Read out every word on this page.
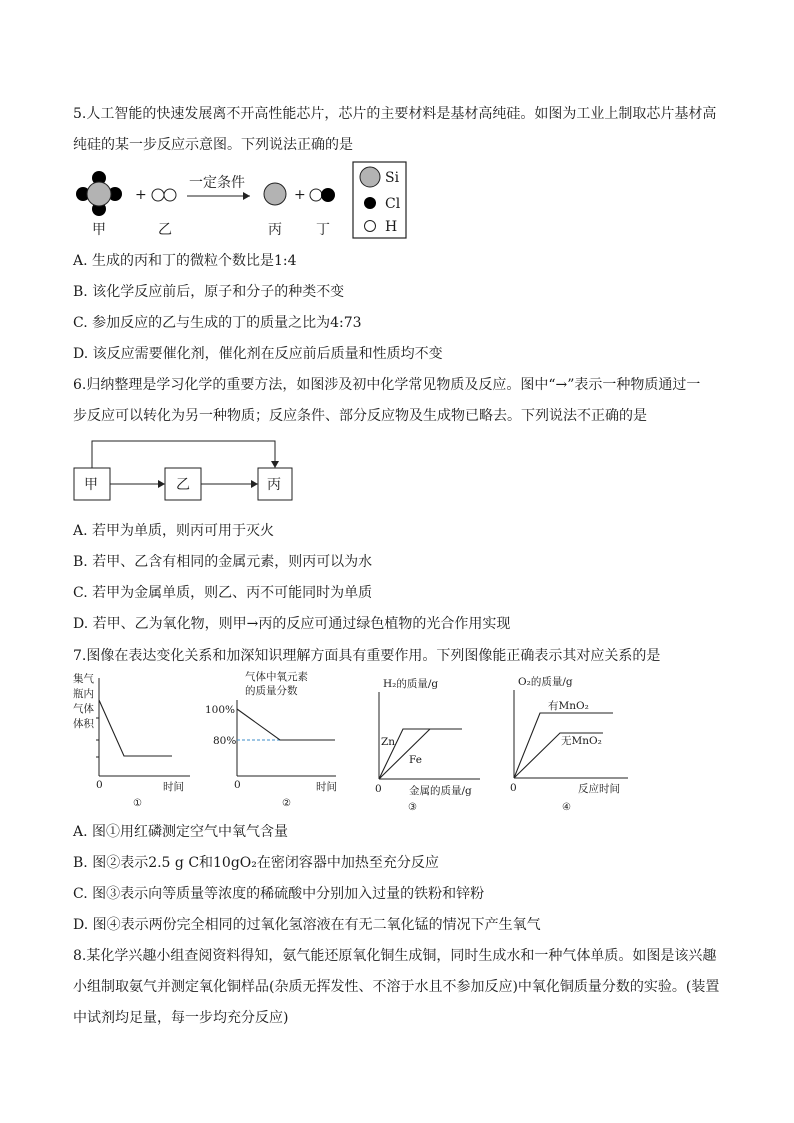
5.人工智能的快速发展离不开高性能芯片，芯片的主要材料是基材高纯硅。如图为工业上制取芯片基材高
纯硅的某一步反应示意图。下列说法正确的是
+
一定条件
+
甲	乙	丙 丁
Si
Cl
H
A. 生成的丙和丁的微粒个数比是1:4
B. 该化学反应前后，原子和分子的种类不变
C. 参加反应的乙与生成的丁的质量之比为4:73
D. 该反应需要催化剂，催化剂在反应前后质量和性质均不变
6.归纳整理是学习化学的重要方法，如图涉及初中化学常见物质及反应。图中“→”表示一种物质通过一
步反应可以转化为另一种物质；反应条件、部分反应物及生成物已略去。下列说法不正确的是
甲	乙	丙
A. 若甲为单质，则丙可用于灭火
B. 若甲、乙含有相同的金属元素，则丙可以为水
C. 若甲为金属单质，则乙、丙不可能同时为单质
D. 若甲、乙为氧化物，则甲→丙的反应可通过绿色植物的光合作用实现
7.图像在表达变化关系和加深知识理解方面具有重要作用。下列图像能正确表示其对应关系的是
集气
瓶内
气体
体积
0	时间
①
气体中氧元素
的质量分数
100%
80%
0	时间
②
H₂的质量/g
Zn
Fe
0	金属的质量/g
③
O₂的质量/g
有MnO₂
无MnO₂
0	反应时间
④
A. 图①用红磷测定空气中氧气含量
B. 图②表示2.5 g C和10gO₂在密闭容器中加热至充分反应
C. 图③表示向等质量等浓度的稀硫酸中分别加入过量的铁粉和锌粉
D. 图④表示两份完全相同的过氧化氢溶液在有无二氧化锰的情况下产生氧气
8.某化学兴趣小组查阅资料得知，氨气能还原氧化铜生成铜，同时生成水和一种气体单质。如图是该兴趣
小组制取氨气并测定氧化铜样品(杂质无挥发性、不溶于水且不参加反应)中氧化铜质量分数的实验。(装置
中试剂均足量，每一步均充分反应)
